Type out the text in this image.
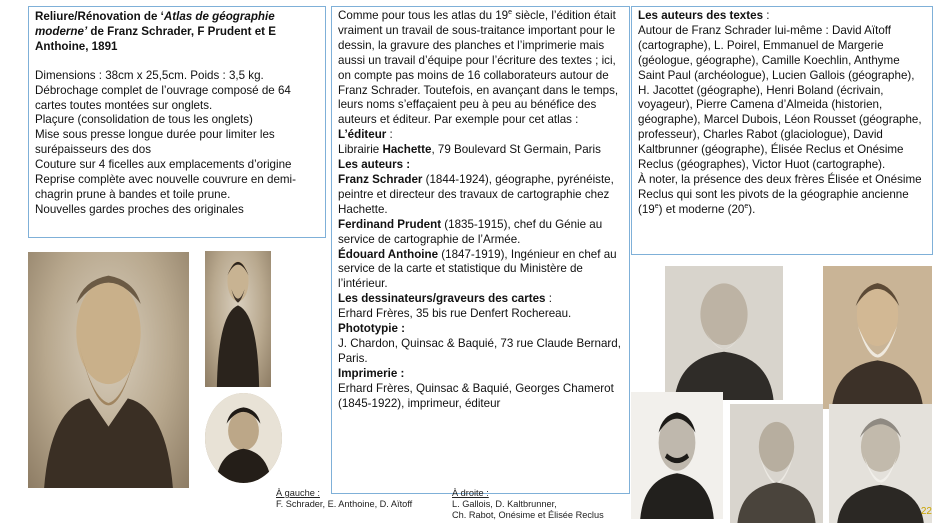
Reliure/Rénovation de ‘Atlas de géographie moderne’ de Franz Schrader, F Prudent et E Anthoine, 1891
Dimensions : 38cm x 25,5cm. Poids : 3,5 kg.
Débrochage complet de l’ouvrage composé de 64 cartes toutes montées sur onglets.
Plaçure (consolidation de tous les onglets)
Mise sous presse longue durée pour limiter les surépaisseurs des dos
Couture sur 4 ficelles aux emplacements d’origine
Reprise complète avec nouvelle couvrure en demi-chagrin prune à bandes et toile prune.
Nouvelles gardes proches des originales
Comme pour tous les atlas du 19e siècle, l’édition était vraiment un travail de sous-traitance important pour le dessin, la gravure des planches et l’imprimerie mais aussi un travail d’équipe pour l’écriture des textes ; ici, on compte pas moins de 16 collaborateurs autour de Franz Schrader. Toutefois, en avançant dans le temps, leurs noms s’effaçaient peu à peu au bénéfice des auteurs et éditeur. Par exemple pour cet atlas :
L’éditeur :
Librairie Hachette, 79 Boulevard St Germain, Paris
Les auteurs :
Franz Schrader (1844-1924), géographe, pyrénéiste, peintre et directeur des travaux de cartographie chez Hachette.
Ferdinand Prudent (1835-1915), chef du Génie au service de cartographie de l’Armée.
Édouard Anthoine (1847-1919), Ingénieur en chef au service de la carte et statistique du Ministère de l’intérieur.
Les dessinateurs/graveurs des cartes :
Erhard Frères, 35 bis rue Denfert Rochereau.
Phototypie :
J. Chardon, Quinsac & Baquié, 73 rue Claude Bernard, Paris.
Imprimerie :
Erhard Frères, Quinsac & Baquié, Georges Chamerot (1845-1922), imprimeur, éditeur
Les auteurs des textes :
Autour de Franz Schrader lui-même : David Aïtoff (cartographe), L. Poirel, Emmanuel de Margerie (géologue, géographe), Camille Koechlin, Anthyme Saint Paul (archéologue), Lucien Gallois (géographe), H. Jacottet (géographe), Henri Boland (écrivain, voyageur), Pierre Camena d’Almeida (historien, géographe), Marcel Dubois, Léon Rousset (géographe, professeur), Charles Rabot (glaciologue), David Kaltbrunner (géographe), Élisée Reclus et Onésime Reclus (géographes), Victor Huot (cartographe).
À noter, la présence des deux frères Élisée et Onésime Reclus qui sont les pivots de la géographie ancienne (19e) et moderne (20e).
À gauche :
F. Schrader, E. Anthoine, D. Aïtoff
À droite :
L. Gallois, D. Kaltbrunner,
Ch. Rabot, Onésime et Élisée Reclus	22
